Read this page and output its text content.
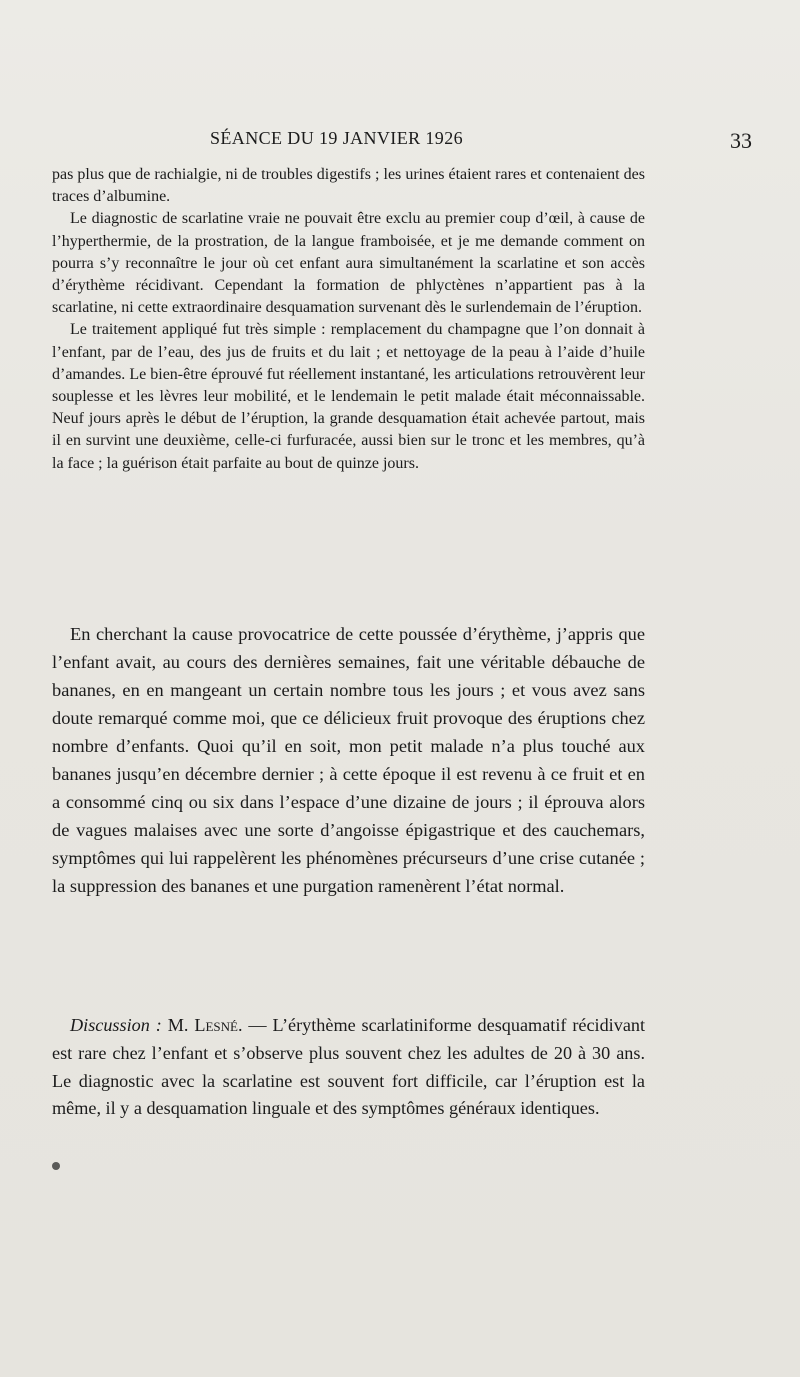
SÉANCE DU 19 JANVIER 1926	33

pas plus que de rachialgie, ni de troubles digestifs ; les urines étaient rares et contenaient des traces d’albumine.

Le diagnostic de scarlatine vraie ne pouvait être exclu au premier coup d’œil, à cause de l’hyperthermie, de la prostration, de la langue framboisée, et je me demande comment on pourra s’y reconnaître le jour où cet enfant aura simultanément la scarlatine et son accès d’érythème récidivant. Cependant la formation de phlyctènes n’appartient pas à la scarlatine, ni cette extraordinaire desquamation survenant dès le surlendemain de l’éruption.

Le traitement appliqué fut très simple : remplacement du champagne que l’on donnait à l’enfant, par de l’eau, des jus de fruits et du lait ; et nettoyage de la peau à l’aide d’huile d’amandes. Le bien-être éprouvé fut réellement instantané, les articulations retrouvèrent leur souplesse et les lèvres leur mobilité, et le lendemain le petit malade était méconnaissable. Neuf jours après le début de l’éruption, la grande desquamation était achevée partout, mais il en survint une deuxième, celle-ci furfuracée, aussi bien sur le tronc et les membres, qu’à la face ; la guérison était parfaite au bout de quinze jours.

En cherchant la cause provocatrice de cette poussée d’érythème, j’appris que l’enfant avait, au cours des dernières semaines, fait une véritable débauche de bananes, en en mangeant un certain nombre tous les jours ; et vous avez sans doute remarqué comme moi, que ce délicieux fruit provoque des éruptions chez nombre d’enfants. Quoi qu’il en soit, mon petit malade n’a plus touché aux bananes jusqu’en décembre dernier ; à cette époque il est revenu à ce fruit et en a consommé cinq ou six dans l’espace d’une dizaine de jours ; il éprouva alors de vagues malaises avec une sorte d’angoisse épigastrique et des cauchemars, symptômes qui lui rappelèrent les phénomènes précurseurs d’une crise cutanée ; la suppression des bananes et une purgation ramenèrent l’état normal.

Discussion : M. Lesné. — L’érythème scarlatiniforme desquamatif récidivant est rare chez l’enfant et s’observe plus souvent chez les adultes de 20 à 30 ans. Le diagnostic avec la scarlatine est souvent fort difficile, car l’éruption est la même, il y a desquamation linguale et des symptômes généraux identiques.
